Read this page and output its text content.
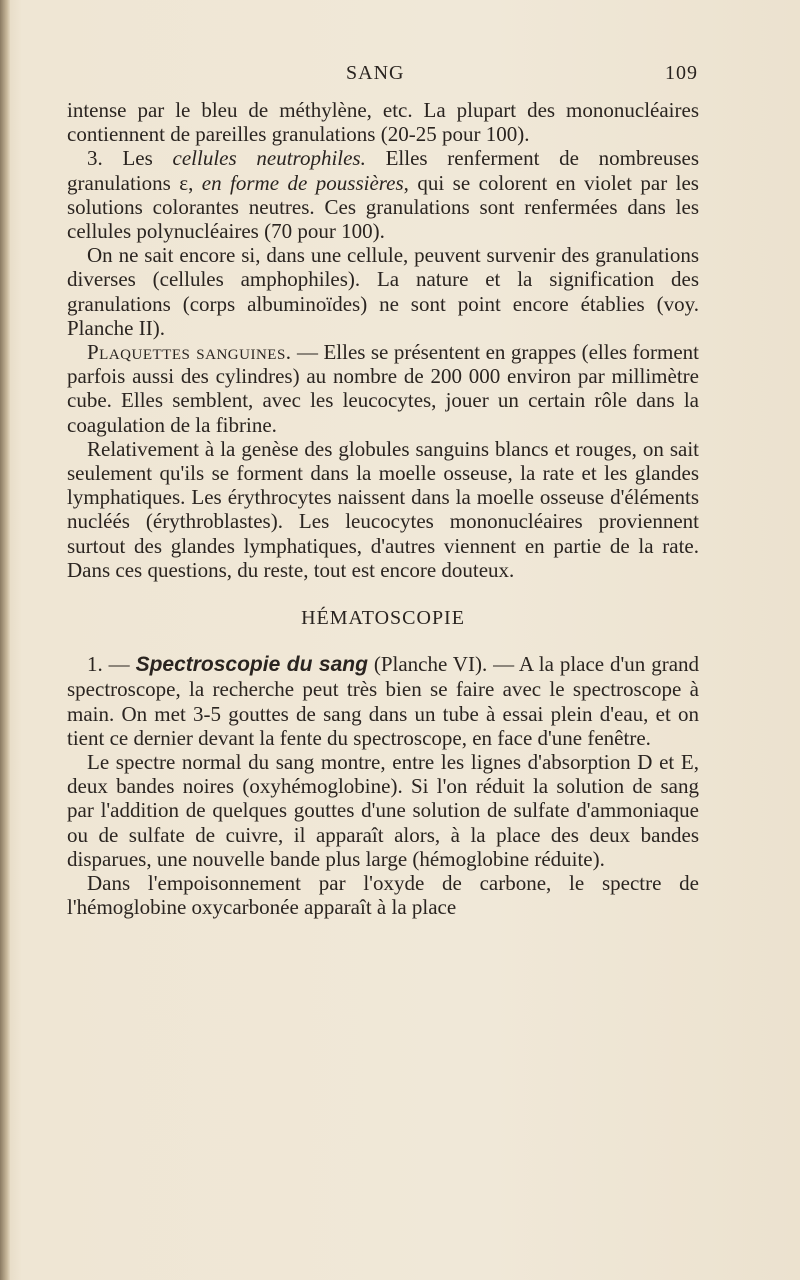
SANG	109

intense par le bleu de méthylène, etc. La plupart des mononucléaires contiennent de pareilles granulations (20-25 pour 100).

3. Les cellules neutrophiles. Elles renferment de nombreuses granulations ε, en forme de poussières, qui se colorent en violet par les solutions colorantes neutres. Ces granulations sont renfermées dans les cellules polynucléaires (70 pour 100).

On ne sait encore si, dans une cellule, peuvent survenir des granulations diverses (cellules amphophiles). La nature et la signification des granulations (corps albuminoïdes) ne sont point encore établies (voy. Planche II).

Plaquettes sanguines. — Elles se présentent en grappes (elles forment parfois aussi des cylindres) au nombre de 200 000 environ par millimètre cube. Elles semblent, avec les leucocytes, jouer un certain rôle dans la coagulation de la fibrine.

Relativement à la genèse des globules sanguins blancs et rouges, on sait seulement qu'ils se forment dans la moelle osseuse, la rate et les glandes lymphatiques. Les érythrocytes naissent dans la moelle osseuse d'éléments nucléés (érythroblastes). Les leucocytes mononucléaires proviennent surtout des glandes lymphatiques, d'autres viennent en partie de la rate. Dans ces questions, du reste, tout est encore douteux.

HÉMATOSCOPIE

1. — Spectroscopie du sang (Planche VI). — A la place d'un grand spectroscope, la recherche peut très bien se faire avec le spectroscope à main. On met 3-5 gouttes de sang dans un tube à essai plein d'eau, et on tient ce dernier devant la fente du spectroscope, en face d'une fenêtre.

Le spectre normal du sang montre, entre les lignes d'absorption D et E, deux bandes noires (oxyhémoglobine). Si l'on réduit la solution de sang par l'addition de quelques gouttes d'une solution de sulfate d'ammoniaque ou de sulfate de cuivre, il apparaît alors, à la place des deux bandes disparues, une nouvelle bande plus large (hémoglobine réduite).

Dans l'empoisonnement par l'oxyde de carbone, le spectre de l'hémoglobine oxycarbonée apparaît à la place
